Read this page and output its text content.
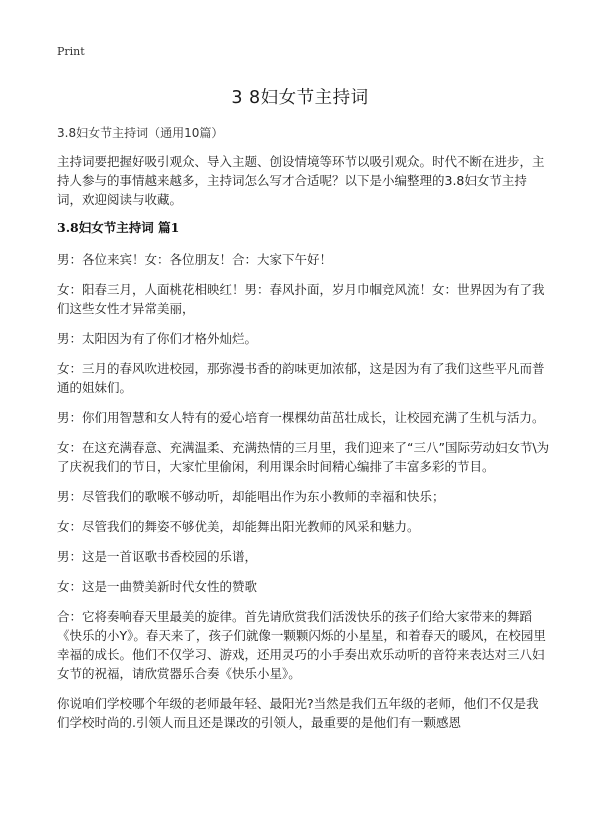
Print
3 8妇女节主持词
3.8妇女节主持词（通用10篇）

主持词要把握好吸引观众、导入主题、创设情境等环节以吸引观众。时代不断在进步，主持人参与的事情越来越多，主持词怎么写才合适呢？以下是小编整理的3.8妇女节主持词，欢迎阅读与收藏。

3.8妇女节主持词 篇1

男：各位来宾！女：各位朋友！合：大家下午好！

女：阳春三月，人面桃花相映红！男：春风扑面，岁月巾帼竞风流！女：世界因为有了我们这些女性才异常美丽，

男：太阳因为有了你们才格外灿烂。

女：三月的春风吹进校园，那弥漫书香的韵味更加浓郁，这是因为有了我们这些平凡而普通的姐妹们。

男：你们用智慧和女人特有的爱心培育一棵棵幼苗茁壮成长，让校园充满了生机与活力。

女：在这充满春意、充满温柔、充满热情的三月里，我们迎来了“三八”国际劳动妇女节\为了庆祝我们的节日，大家忙里偷闲，利用课余时间精心编排了丰富多彩的节目。

男：尽管我们的歌喉不够动听，却能唱出作为东小教师的幸福和快乐；

女：尽管我们的舞姿不够优美，却能舞出阳光教师的风采和魅力。

男：这是一首讴歌书香校园的乐谱，

女：这是一曲赞美新时代女性的赞歌

合：它将奏响春天里最美的旋律。首先请欣赏我们活泼快乐的孩子们给大家带来的舞蹈《快乐的小Y》。春天来了，孩子们就像一颗颗闪烁的小星星，和着春天的暖风，在校园里幸福的成长。他们不仅学习、游戏，还用灵巧的小手奏出欢乐动听的音符来表达对三八妇女节的祝福，请欣赏器乐合奏《快乐小星》。

你说咱们学校哪个年级的老师最年轻、最阳光?当然是我们五年级的老师，他们不仅是我们学校时尚的.引领人而且还是课改的引领人，最重要的是他们有一颗感恩
